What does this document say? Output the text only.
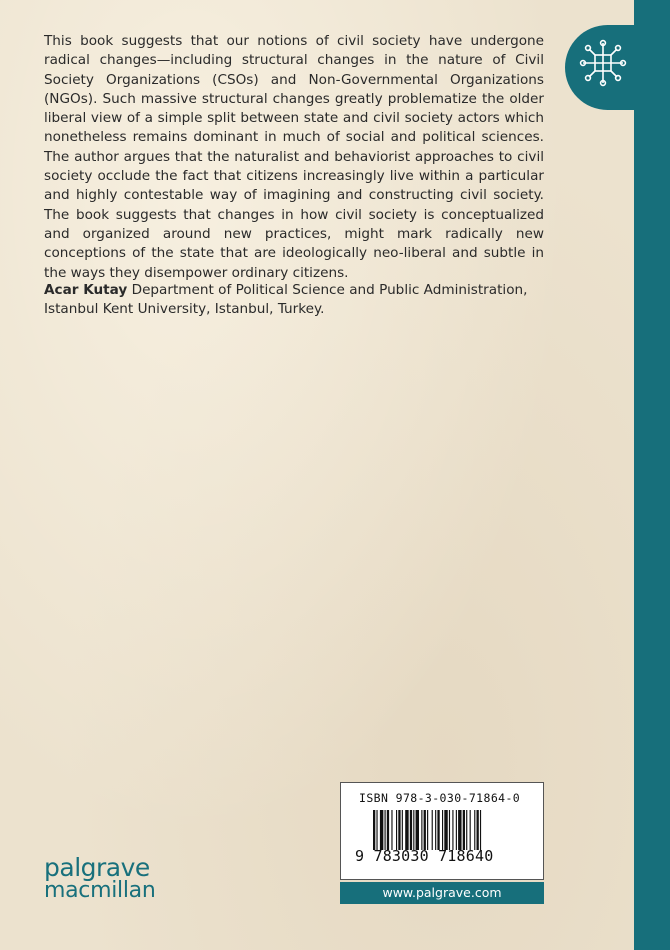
This book suggests that our notions of civil society have undergone radical changes—including structural changes in the nature of Civil Society Organizations (CSOs) and Non-Governmental Organizations (NGOs). Such massive structural changes greatly problematize the older liberal view of a simple split between state and civil society actors which nonetheless remains dominant in much of social and political sciences. The author argues that the naturalist and behaviorist approaches to civil society occlude the fact that citizens increasingly live within a particular and highly contestable way of imagining and constructing civil society. The book suggests that changes in how civil society is conceptualized and organized around new practices, might mark radically new conceptions of the state that are ideologically neo-liberal and subtle in the ways they disempower ordinary citizens.

Acar Kutay Department of Political Science and Public Administration, Istanbul Kent University, Istanbul, Turkey.

palgrave
macmillan
ISBN 978-3-030-71864-0
9 783030 718640
www.palgrave.com
